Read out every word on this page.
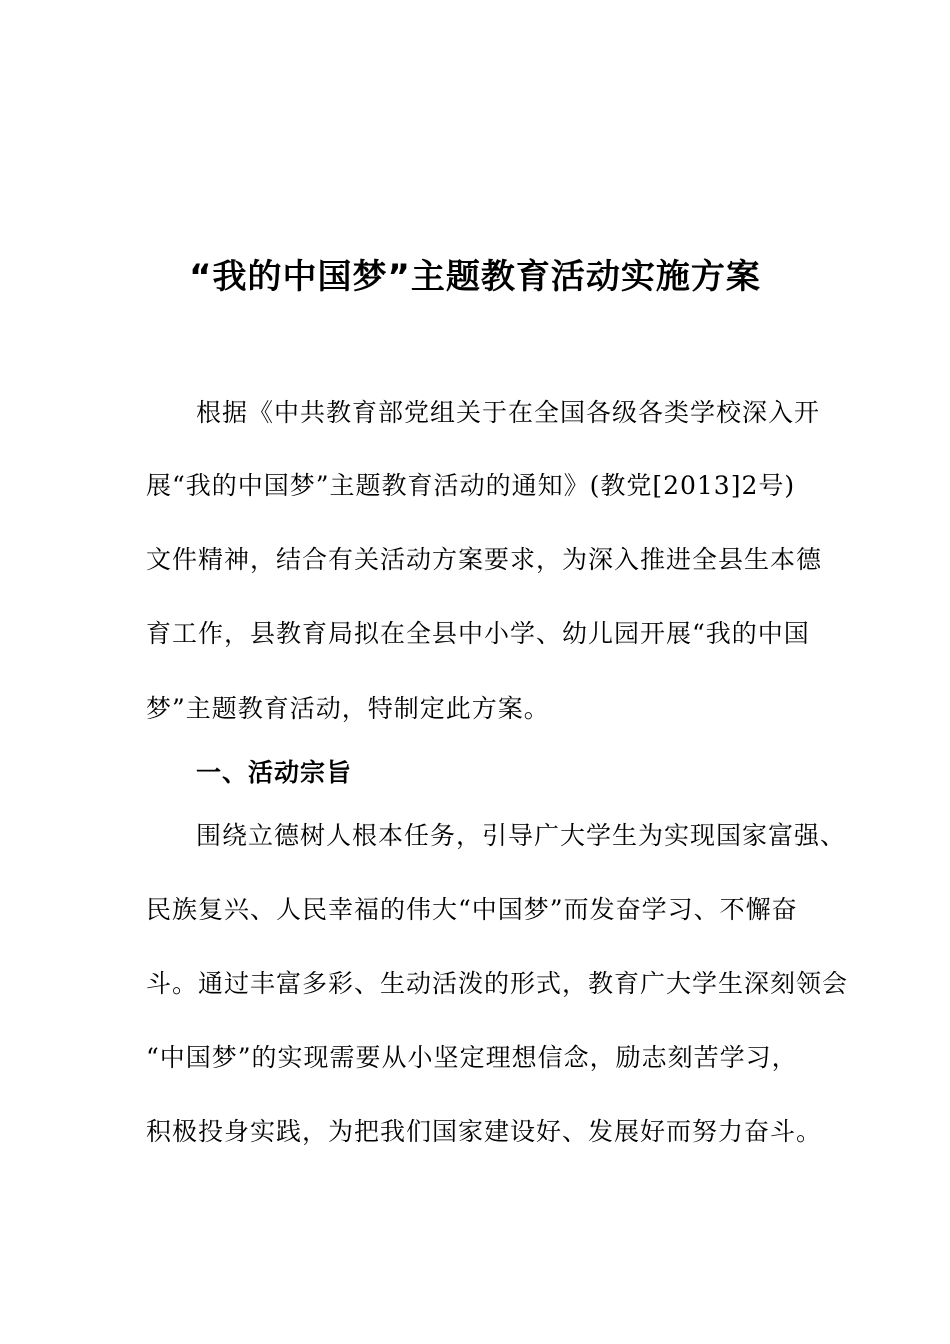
“我的中国梦”主题教育活动实施方案

根据《中共教育部党组关于在全国各级各类学校深入开

展“我的中国梦”主题教育活动的通知》(教党[2013]2号)

文件精神，结合有关活动方案要求，为深入推进全县生本德

育工作，县教育局拟在全县中小学、幼儿园开展“我的中国

梦”主题教育活动，特制定此方案。

一、活动宗旨

围绕立德树人根本任务，引导广大学生为实现国家富强、

民族复兴、人民幸福的伟大“中国梦”而发奋学习、不懈奋

斗。通过丰富多彩、生动活泼的形式，教育广大学生深刻领会

“中国梦”的实现需要从小坚定理想信念，励志刻苦学习，

积极投身实践，为把我们国家建设好、发展好而努力奋斗。
